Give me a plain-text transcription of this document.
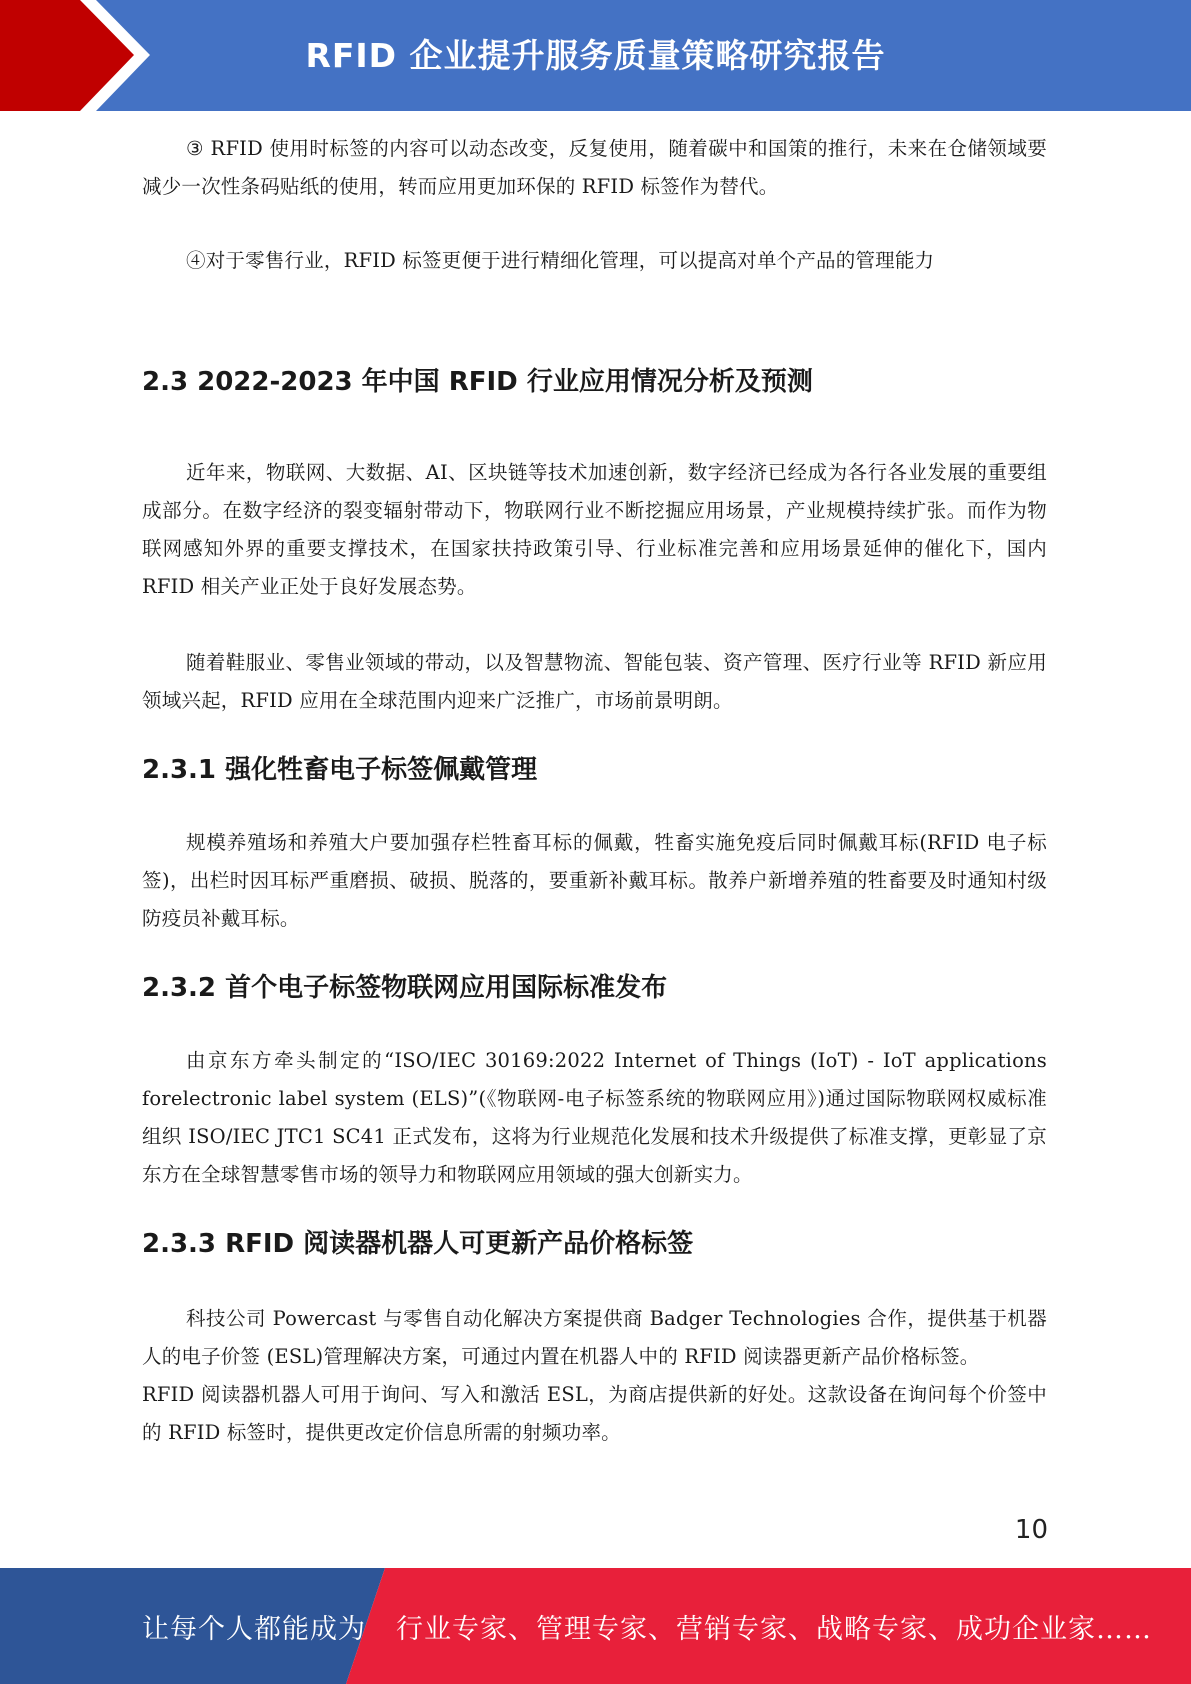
RFID 企业提升服务质量策略研究报告

③ RFID 使用时标签的内容可以动态改变，反复使用，随着碳中和国策的推行，未来在仓储领域要减少一次性条码贴纸的使用，转而应用更加环保的 RFID 标签作为替代。

④对于零售行业，RFID 标签更便于进行精细化管理，可以提高对单个产品的管理能力

2.3 2022-2023 年中国 RFID 行业应用情况分析及预测

近年来，物联网、大数据、AI、区块链等技术加速创新，数字经济已经成为各行各业发展的重要组成部分。在数字经济的裂变辐射带动下，物联网行业不断挖掘应用场景，产业规模持续扩张。而作为物联网感知外界的重要支撑技术，在国家扶持政策引导、行业标准完善和应用场景延伸的催化下，国内 RFID 相关产业正处于良好发展态势。

随着鞋服业、零售业领域的带动，以及智慧物流、智能包装、资产管理、医疗行业等 RFID 新应用领域兴起，RFID 应用在全球范围内迎来广泛推广，市场前景明朗。

2.3.1 强化牲畜电子标签佩戴管理

规模养殖场和养殖大户要加强存栏牲畜耳标的佩戴，牲畜实施免疫后同时佩戴耳标(RFID 电子标签)，出栏时因耳标严重磨损、破损、脱落的，要重新补戴耳标。散养户新增养殖的牲畜要及时通知村级防疫员补戴耳标。

2.3.2 首个电子标签物联网应用国际标准发布

由京东方牵头制定的“ISO/IEC 30169:2022 Internet of Things (IoT) - IoT applications forelectronic label system (ELS)”(《物联网-电子标签系统的物联网应用》)通过国际物联网权威标准组织 ISO/IEC JTC1 SC41 正式发布，这将为行业规范化发展和技术升级提供了标准支撑，更彰显了京东方在全球智慧零售市场的领导力和物联网应用领域的强大创新实力。

2.3.3 RFID 阅读器机器人可更新产品价格标签

科技公司 Powercast 与零售自动化解决方案提供商 Badger Technologies 合作，提供基于机器人的电子价签 (ESL)管理解决方案，可通过内置在机器人中的 RFID 阅读器更新产品价格标签。

RFID 阅读器机器人可用于询问、写入和激活 ESL，为商店提供新的好处。这款设备在询问每个价签中的 RFID 标签时，提供更改定价信息所需的射频功率。

10
让每个人都能成为 行业专家、管理专家、营销专家、战略专家、成功企业家……
